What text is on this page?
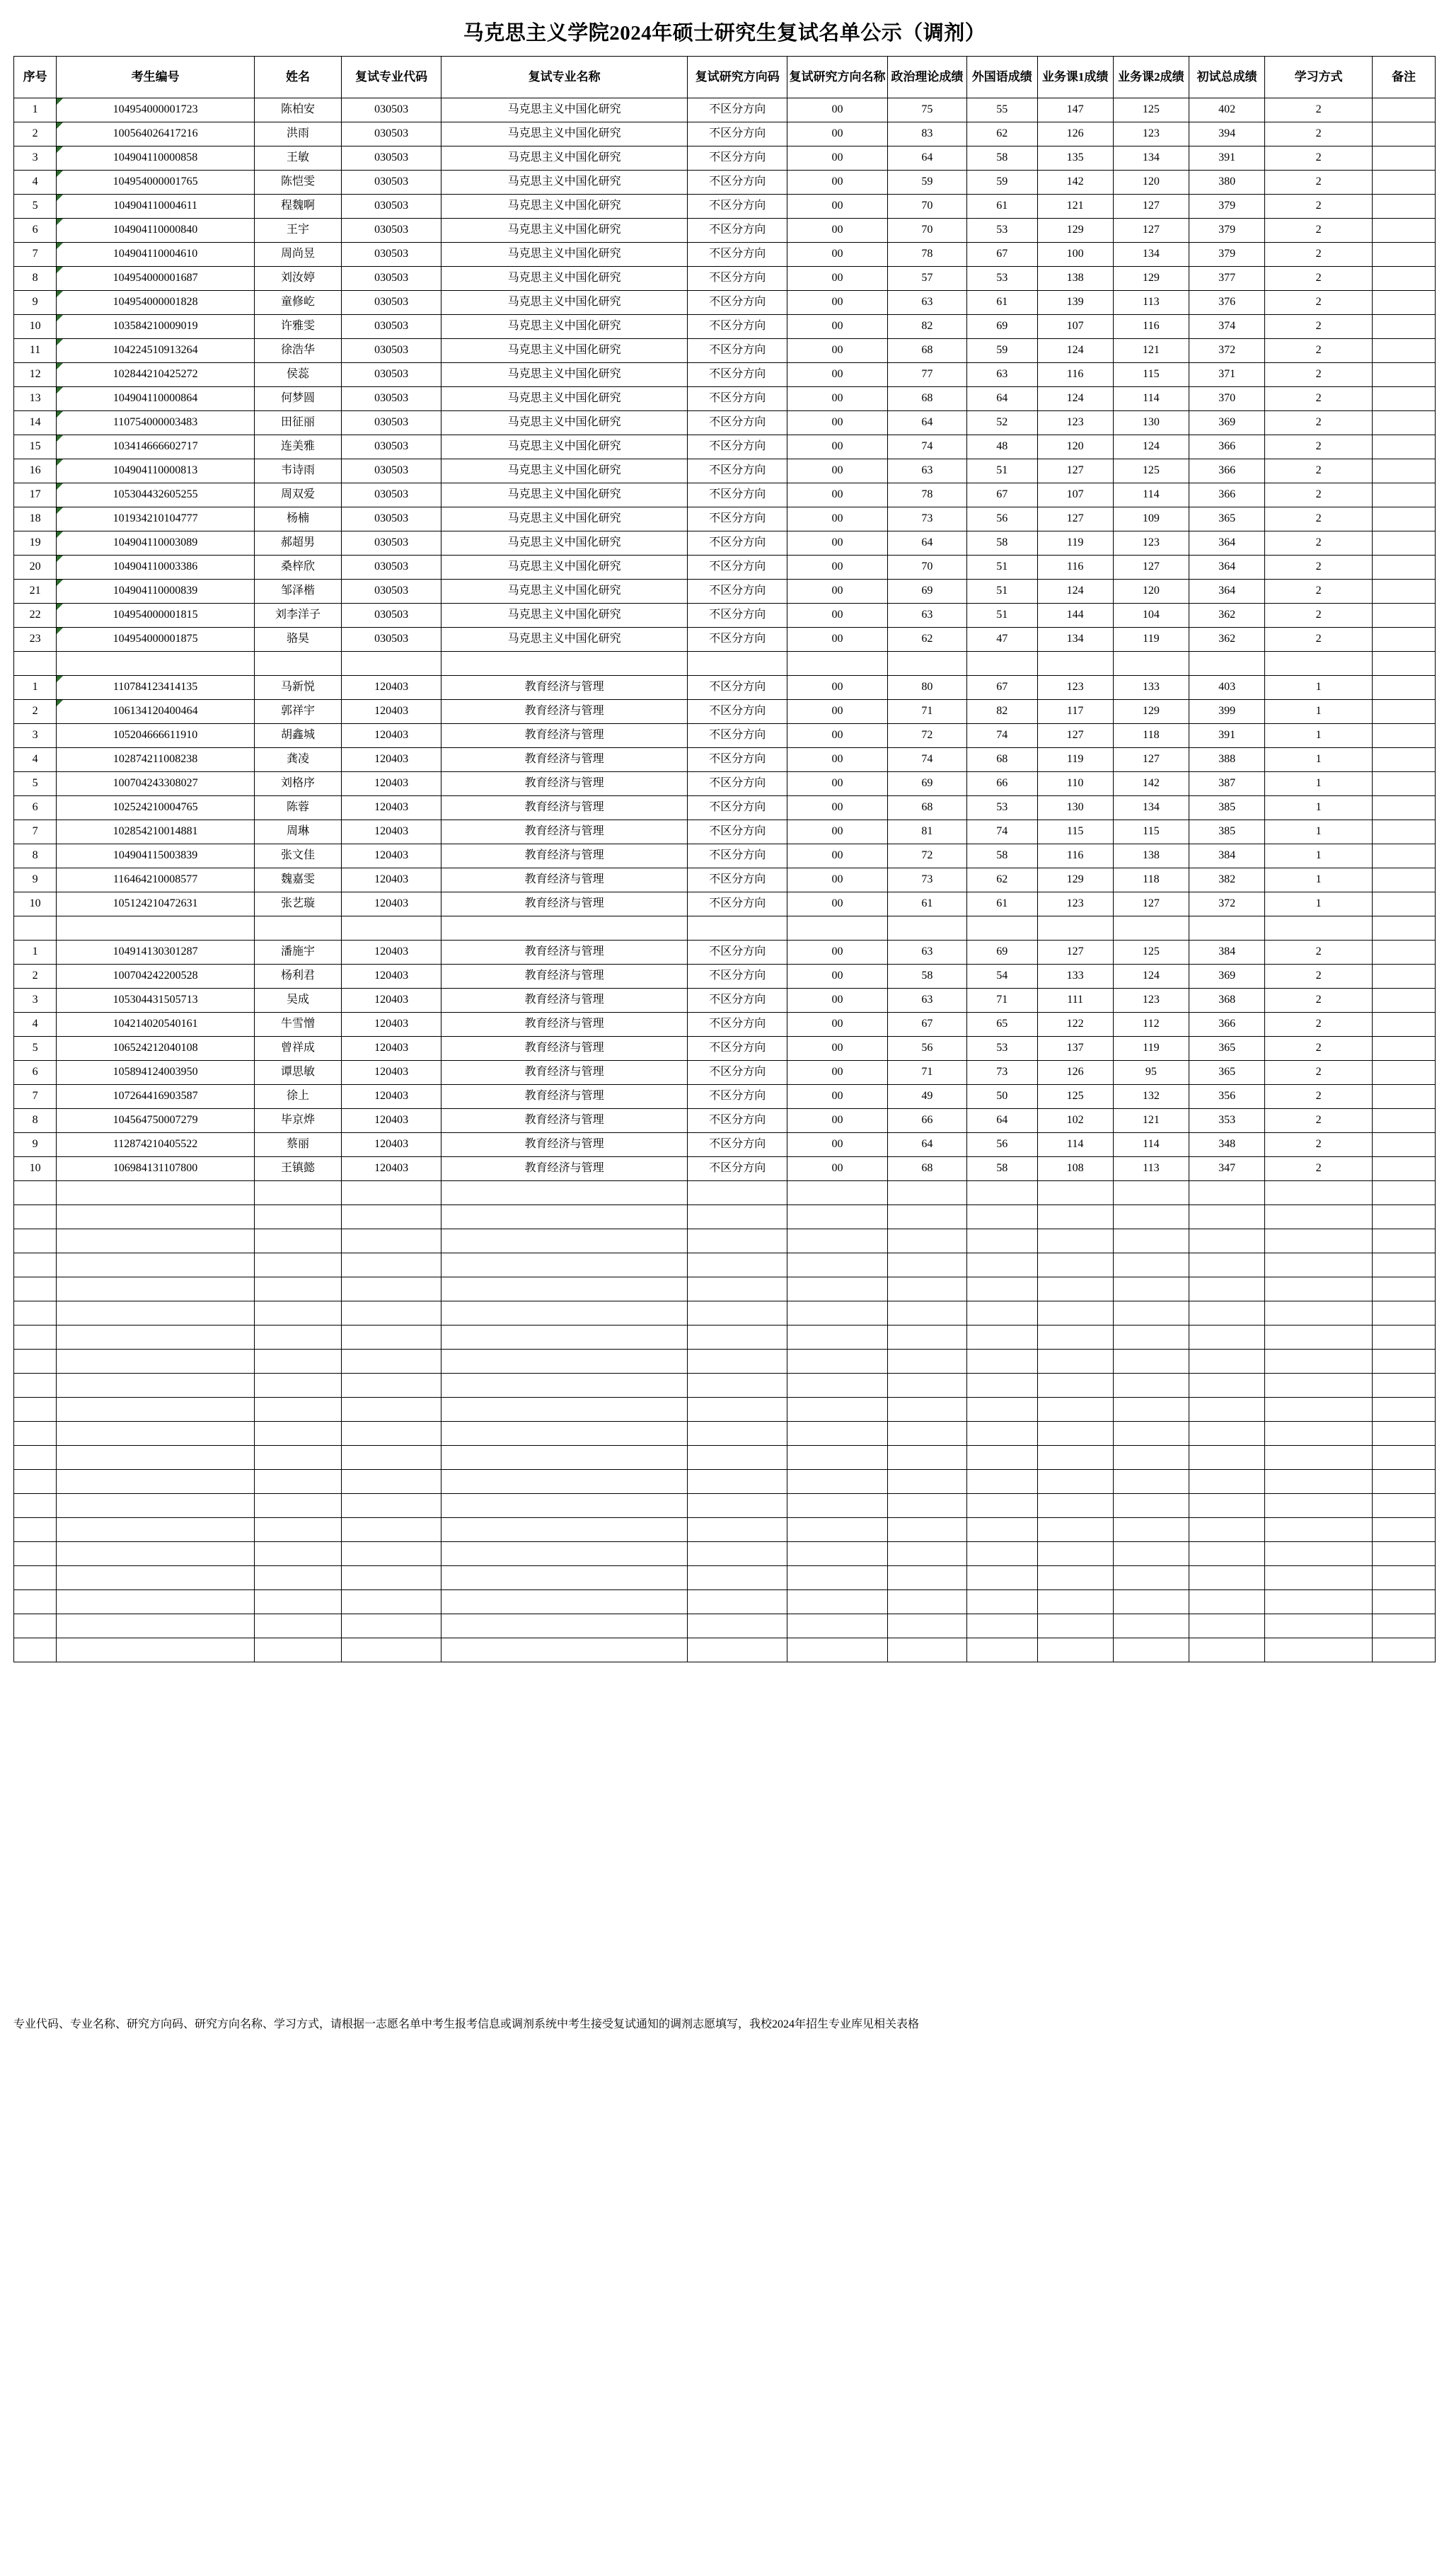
马克思主义学院2024年硕士研究生复试名单公示（调剂）
序号	考生编号	姓名	复试专业代码	复试专业名称	复试研究方向码	复试研究方向名称	政治理论成绩	外国语成绩	业务课1成绩	业务课2成绩	初试总成绩	学习方式	备注
1	104954000001723	陈柏安	030503	马克思主义中国化研究	不区分方向	00	75	55	147	125	402	2	
2	100564026417216	洪雨	030503	马克思主义中国化研究	不区分方向	00	83	62	126	123	394	2	
3	104904110000858	王敏	030503	马克思主义中国化研究	不区分方向	00	64	58	135	134	391	2	
4	104954000001765	陈恺雯	030503	马克思主义中国化研究	不区分方向	00	59	59	142	120	380	2	
5	104904110004611	程魏啊	030503	马克思主义中国化研究	不区分方向	00	70	61	121	127	379	2	
6	104904110000840	王宇	030503	马克思主义中国化研究	不区分方向	00	70	53	129	127	379	2	
7	104904110004610	周尚昱	030503	马克思主义中国化研究	不区分方向	00	78	67	100	134	379	2	
8	104954000001687	刘汝婷	030503	马克思主义中国化研究	不区分方向	00	57	53	138	129	377	2	
9	104954000001828	童修屹	030503	马克思主义中国化研究	不区分方向	00	63	61	139	113	376	2	
10	103584210009019	许雅雯	030503	马克思主义中国化研究	不区分方向	00	82	69	107	116	374	2	
11	104224510913264	徐浩华	030503	马克思主义中国化研究	不区分方向	00	68	59	124	121	372	2	
12	102844210425272	侯蕊	030503	马克思主义中国化研究	不区分方向	00	77	63	116	115	371	2	
13	104904110000864	何梦圆	030503	马克思主义中国化研究	不区分方向	00	68	64	124	114	370	2	
14	110754000003483	田征丽	030503	马克思主义中国化研究	不区分方向	00	64	52	123	130	369	2	
15	103414666602717	连美雅	030503	马克思主义中国化研究	不区分方向	00	74	48	120	124	366	2	
16	104904110000813	韦诗雨	030503	马克思主义中国化研究	不区分方向	00	63	51	127	125	366	2	
17	105304432605255	周双爱	030503	马克思主义中国化研究	不区分方向	00	78	67	107	114	366	2	
18	101934210104777	杨楠	030503	马克思主义中国化研究	不区分方向	00	73	56	127	109	365	2	
19	104904110003089	郝超男	030503	马克思主义中国化研究	不区分方向	00	64	58	119	123	364	2	
20	104904110003386	桑梓欣	030503	马克思主义中国化研究	不区分方向	00	70	51	116	127	364	2	
21	104904110000839	邹泽楷	030503	马克思主义中国化研究	不区分方向	00	69	51	124	120	364	2	
22	104954000001815	刘李洋子	030503	马克思主义中国化研究	不区分方向	00	63	51	144	104	362	2	
23	104954000001875	骆昊	030503	马克思主义中国化研究	不区分方向	00	62	47	134	119	362	2	

1	110784123414135	马新悦	120403	教育经济与管理	不区分方向	00	80	67	123	133	403	1	
2	106134120400464	郭祥宇	120403	教育经济与管理	不区分方向	00	71	82	117	129	399	1	
3	105204666611910	胡鑫城	120403	教育经济与管理	不区分方向	00	72	74	127	118	391	1	
4	102874211008238	龚凌	120403	教育经济与管理	不区分方向	00	74	68	119	127	388	1	
5	100704243308027	刘格序	120403	教育经济与管理	不区分方向	00	69	66	110	142	387	1	
6	102524210004765	陈蓉	120403	教育经济与管理	不区分方向	00	68	53	130	134	385	1	
7	102854210014881	周琳	120403	教育经济与管理	不区分方向	00	81	74	115	115	385	1	
8	104904115003839	张文佳	120403	教育经济与管理	不区分方向	00	72	58	116	138	384	1	
9	116464210008577	魏嘉雯	120403	教育经济与管理	不区分方向	00	73	62	129	118	382	1	
10	105124210472631	张艺璇	120403	教育经济与管理	不区分方向	00	61	61	123	127	372	1	

1	104914130301287	潘施宇	120403	教育经济与管理	不区分方向	00	63	69	127	125	384	2	
2	100704242200528	杨利君	120403	教育经济与管理	不区分方向	00	58	54	133	124	369	2	
3	105304431505713	吴成	120403	教育经济与管理	不区分方向	00	63	71	111	123	368	2	
4	104214020540161	牛雪憎	120403	教育经济与管理	不区分方向	00	67	65	122	112	366	2	
5	106524212040108	曾祥成	120403	教育经济与管理	不区分方向	00	56	53	137	119	365	2	
6	105894124003950	谭思敏	120403	教育经济与管理	不区分方向	00	71	73	126	95	365	2	
7	107264416903587	徐上	120403	教育经济与管理	不区分方向	00	49	50	125	132	356	2	
8	104564750007279	毕京烨	120403	教育经济与管理	不区分方向	00	66	64	102	121	353	2	
9	112874210405522	蔡丽	120403	教育经济与管理	不区分方向	00	64	56	114	114	348	2	
10	106984131107800	王镇懿	120403	教育经济与管理	不区分方向	00	68	58	108	113	347	2	

专业代码、专业名称、研究方向码、研究方向名称、学习方式，请根据一志愿名单中考生报考信息或调剂系统中考生接受复试通知的调剂志愿填写，我校2024年招生专业库见相关表格
